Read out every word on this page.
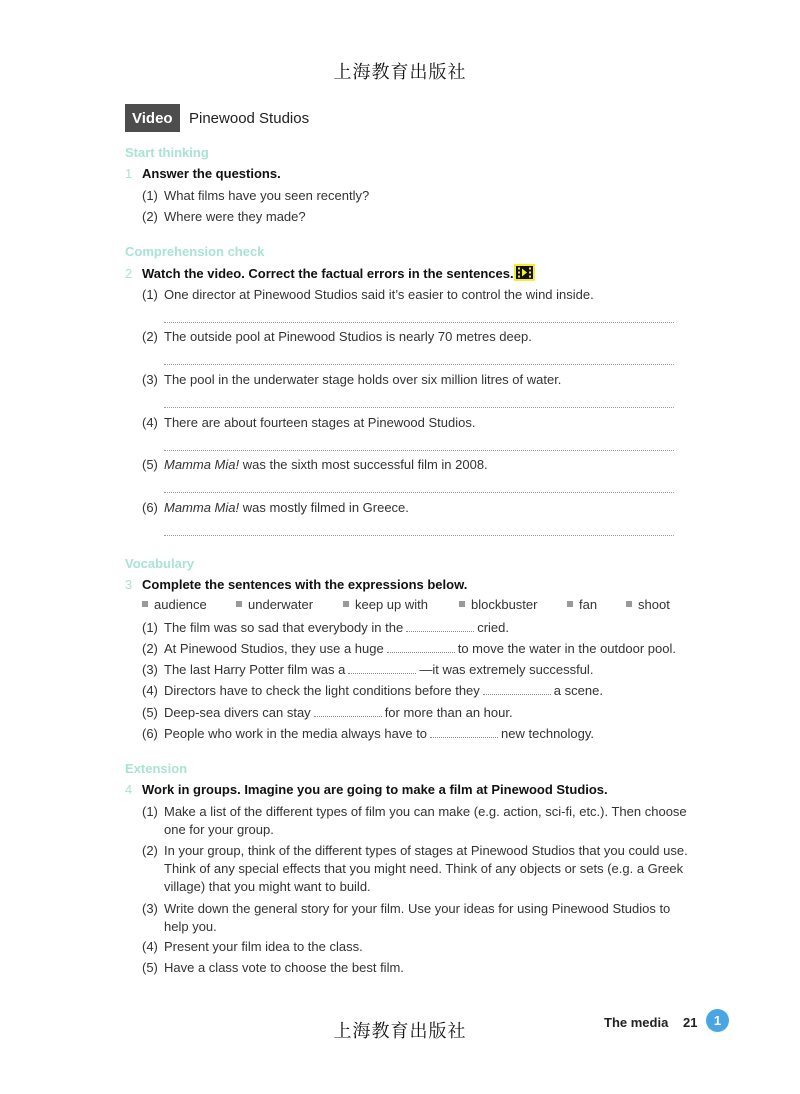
上海教育出版社
Video	Pinewood Studios
Start thinking
1 Answer the questions.
(1) What films have you seen recently?
(2) Where were they made?
Comprehension check
2 Watch the video. Correct the factual errors in the sentences.
(1) One director at Pinewood Studios said it’s easier to control the wind inside.
(2) The outside pool at Pinewood Studios is nearly 70 metres deep.
(3) The pool in the underwater stage holds over six million litres of water.
(4) There are about fourteen stages at Pinewood Studios.
(5) Mamma Mia! was the sixth most successful film in 2008.
(6) Mamma Mia! was mostly filmed in Greece.
Vocabulary
3 Complete the sentences with the expressions below.
audience	underwater	keep up with	blockbuster	fan	shoot
(1) The film was so sad that everybody in the	cried.
(2) At Pinewood Studios, they use a huge	to move the water in the outdoor pool.
(3) The last Harry Potter film was a	—it was extremely successful.
(4) Directors have to check the light conditions before they	a scene.
(5) Deep-sea divers can stay	for more than an hour.
(6) People who work in the media always have to	new technology.
Extension
4 Work in groups. Imagine you are going to make a film at Pinewood Studios.
(1) Make a list of the different types of film you can make (e.g. action, sci-fi, etc.). Then choose one for your group.
(2) In your group, think of the different types of stages at Pinewood Studios that you could use. Think of any special effects that you might need. Think of any objects or sets (e.g. a Greek village) that you might want to build.
(3) Write down the general story for your film. Use your ideas for using Pinewood Studios to help you.
(4) Present your film idea to the class.
(5) Have a class vote to choose the best film.
上海教育出版社	The media 21	1
